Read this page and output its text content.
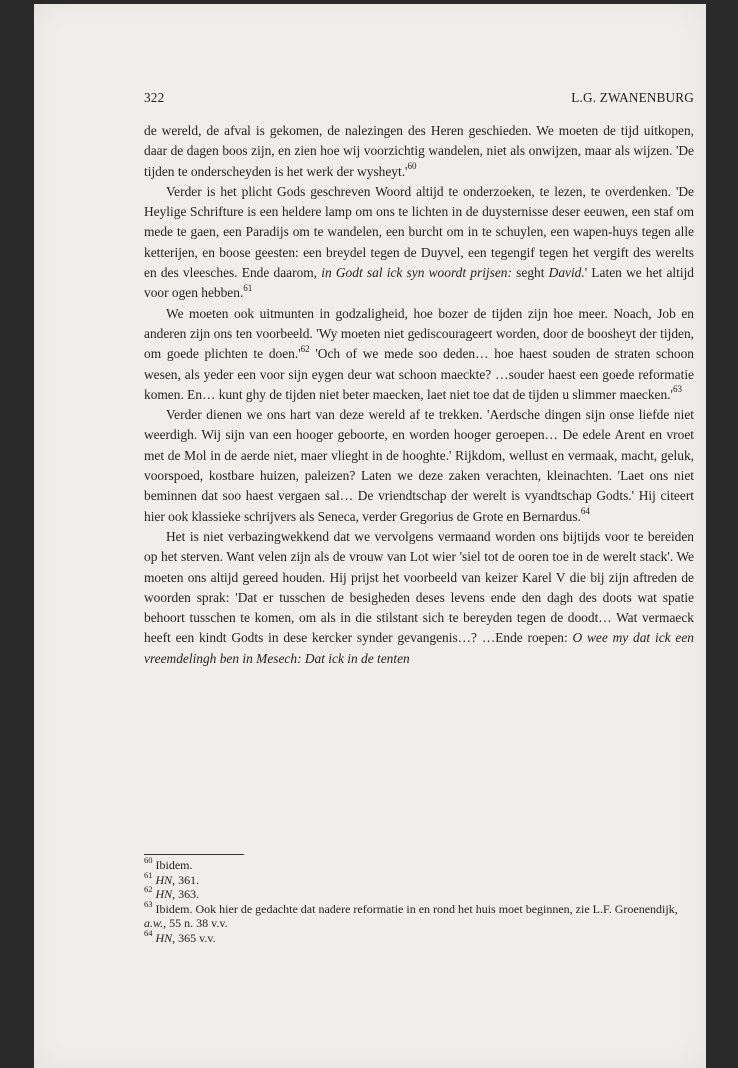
322	L.G. ZWANENBURG

de wereld, de afval is gekomen, de nalezingen des Heren geschieden. We moeten de tijd uitkopen, daar de dagen boos zijn, en zien hoe wij voorzichtig wandelen, niet als onwijzen, maar als wijzen. 'De tijden te onderscheyden is het werk der $wysheyt.'^{60}$

Verder is het plicht Gods geschreven Woord altijd te onderzoeken, te lezen, te overdenken. 'De Heylige Schrifture is een heldere lamp om ons te lichten in de duysternisse deser eeuwen, een staf om mede te gaen, een Paradijs om te wandelen, een burcht om in te schuylen, een wapen-huys tegen alle ketterijen, en boose geesten: een breydel tegen de Duyvel, een tegengif tegen het vergift des werelts en des vleesches. Ende daarom, in Godt sal ick syn woordt prijsen: seght David.' Laten we het altijd voor ogen hebben.$^{61}$

We moeten ook uitmunten in godzaligheid, hoe bozer de tijden zijn hoe meer. Noach, Job en anderen zijn ons ten voorbeeld. 'Wy moeten niet gediscourageert worden, door de boosheyt der tijden, om goede plichten te $doen.'^{62}$ 'Och of we mede soo deden… hoe haest souden de straten schoon wesen, als yeder een voor sijn eygen deur wat schoon maeckte? …souder haest een goede reformatie komen. En… kunt ghy de tijden niet beter maecken, laet niet toe dat de tijden u slimmer $maecken.'^{63}$

Verder dienen we ons hart van deze wereld af te trekken. 'Aerdsche dingen sijn onse liefde niet weerdigh. Wij sijn van een hooger geboorte, en worden hooger geroepen… De edele Arent en vroet met de Mol in de aerde niet, maer vlieght in de hooghte.' Rijkdom, wellust en vermaak, macht, geluk, voorspoed, kostbare huizen, paleizen? Laten we deze zaken verachten, kleinachten. 'Laet ons niet beminnen dat soo haest vergaen sal… De vriendtschap der werelt is vyandtschap Godts.' Hij citeert hier ook klassieke schrijvers als Seneca, verder Gregorius de Grote en Bernardus.$^{64}$

Het is niet verbazingwekkend dat we vervolgens vermaand worden ons bijtijds voor te bereiden op het sterven. Want velen zijn als de vrouw van Lot wier 'siel tot de ooren toe in de werelt stack'. We moeten ons altijd gereed houden. Hij prijst het voorbeeld van keizer Karel V die bij zijn aftreden de woorden sprak: 'Dat er tusschen de besigheden deses levens ende den dagh des doots wat spatie behoort tusschen te komen, om als in die stilstant sich te bereyden tegen de doodt… Wat vermaeck heeft een kindt Godts in dese kercker synder gevangenis…? …Ende roepen: O wee my dat ick een vreemdelingh ben in Mesech: Dat ick in de tenten

$^{60}$ Ibidem.
$^{61}$ HN, 361.
$^{62}$ HN, 363.
$^{63}$ Ibidem. Ook hier de gedachte dat nadere reformatie in en rond het huis moet beginnen, zie L.F. Groenendijk, a.w., 55 n. 38 v.v.
$^{64}$ HN, 365 v.v.
